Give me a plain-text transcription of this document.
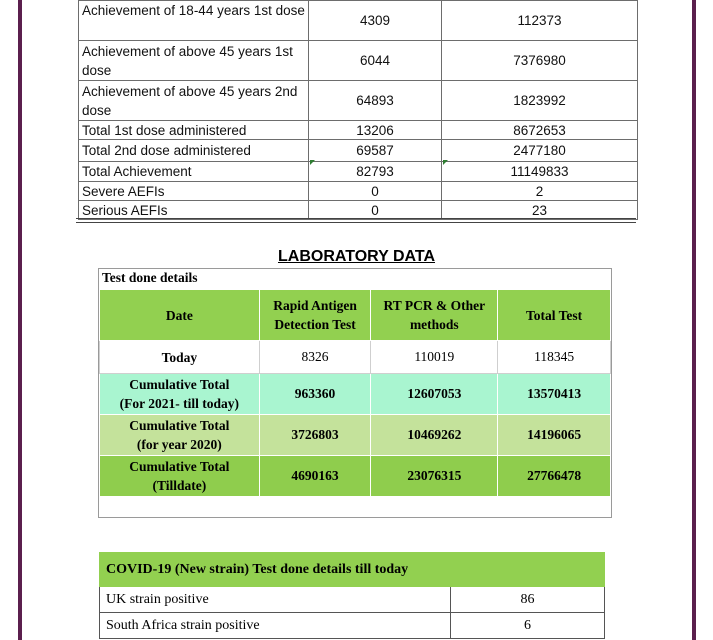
Achievement of 18-44 years 1st dose	4309	112373
Achievement of above 45 years 1st dose	6044	7376980
Achievement of above 45 years 2nd dose	64893	1823992
Total 1st dose administered	13206	8672653
Total 2nd dose administered	69587	2477180
Total Achievement	82793	11149833
Severe AEFIs	0	2
Serious AEFIs	0	23
LABORATORY DATA
Test done details
Date	Rapid Antigen Detection Test	RT PCR & Other methods	Total Test
Today	8326	110019	118345
Cumulative Total
(For 2021- till today)	963360	12607053	13570413
Cumulative Total
(for year 2020)	3726803	10469262	14196065
Cumulative Total
(Tilldate)	4690163	23076315	27766478
COVID-19 (New strain) Test done details till today	
UK strain positive	86
South Africa strain positive	6
